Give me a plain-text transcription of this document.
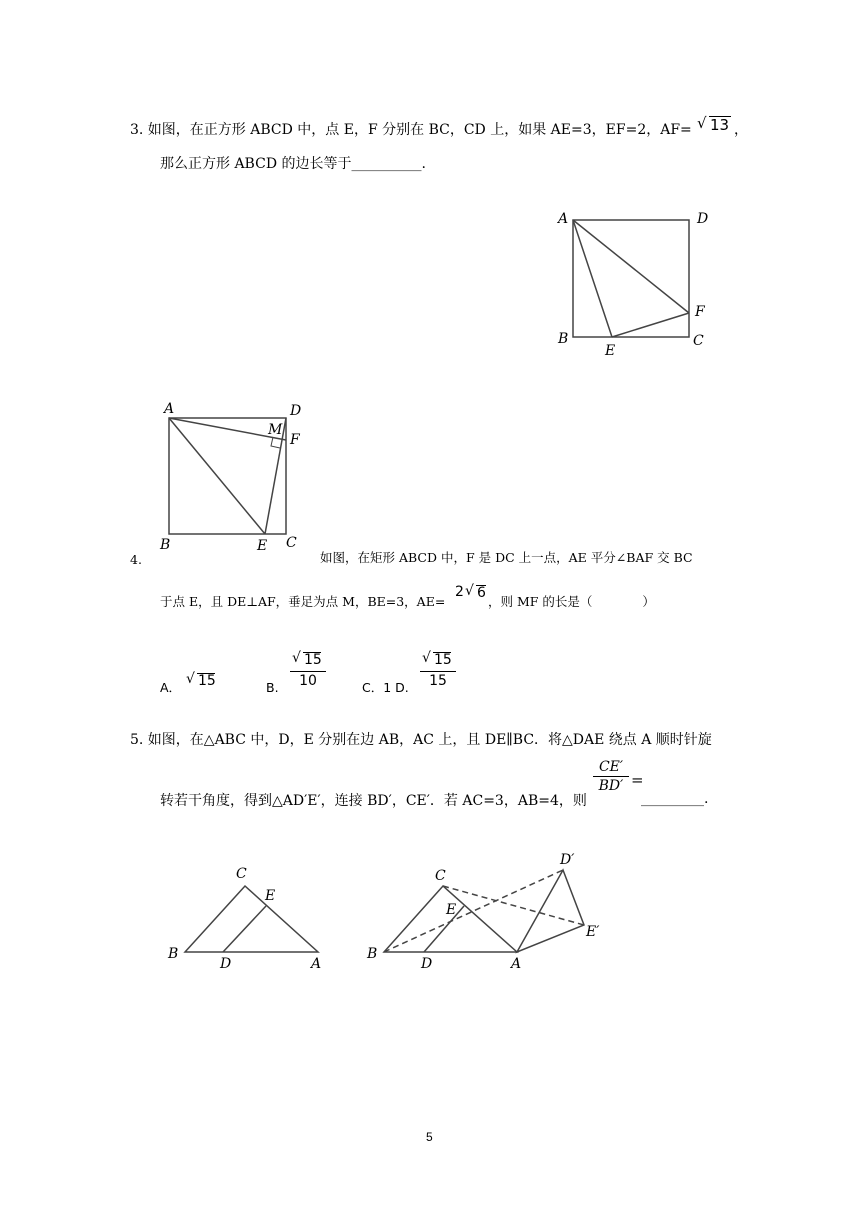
3. 如图，在正方形 ABCD 中，点 E，F 分别在 BC，CD 上，如果 AE=3，EF=2，AF= √ 13 ，
那么正方形 ABCD 的边长等于__________.
A	D
B
E
C
F
A	D
M
F
B	E C
4.	如图，在矩形 ABCD 中，F 是 DC 上一点，AE 平分∠BAF 交 BC
于点 E，且 DE⊥AF，垂足为点 M，BE=3，AE=
2 √ 6
，则 MF 的长是（　　　　）
A．
√ 15	B.
√ 15
10	C．1 D.
√ 15
15
5. 如图，在△ABC 中，D，E 分别在边 AB，AC 上，且 DE∥BC．将△DAE 绕点 A 顺时针旋
转若干角度，得到△AD′E′，连接 BD′，CE′．若 AC=3，AB=4，则
CE′
BD′ =
_________.
C
E
B
D	A
D′
C
E
E′
B
D	A
5
